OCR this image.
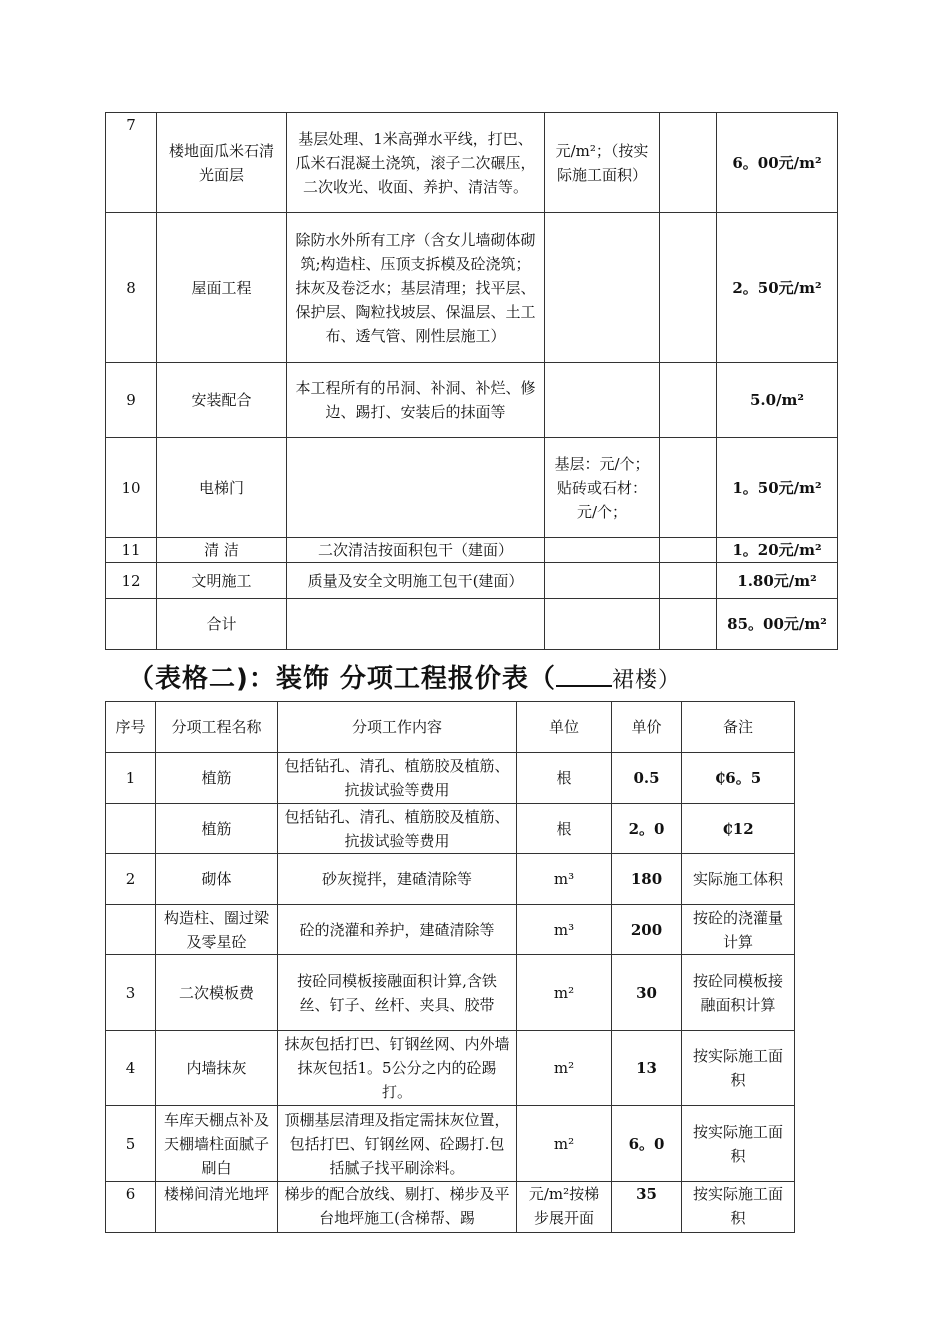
7	楼地面瓜米石清光面层	基层处理、1米高弹水平线，打巴、瓜米石混凝土浇筑，滚子二次碾压，二次收光、收面、养护、清洁等。	元/m²；（按实际施工面积）		6。00元/m²
8	屋面工程	除防水外所有工序（含女儿墙砌体砌筑;构造柱、压顶支拆模及砼浇筑；抹灰及卷泛水；基层清理；找平层、保护层、陶粒找坡层、保温层、土工布、透气管、刚性层施工）			2。50元/m²
9	安装配合	本工程所有的吊洞、补洞、补烂、修边、踢打、安装后的抹面等			5.0/m²
10	电梯门		基层：元/个；贴砖或石材：元/个；		1。50元/m²
11	清 洁	二次清洁按面积包干（建面）			1。20元/m²
12	文明施工	质量及安全文明施工包干(建面）			1.80元/m²
	合计				85。00元/m²
（表格二)：装饰 分项工程报价表（	裙楼）
序号	分项工程名称	分项工作内容	单位	单价	备注
1	植筋	包括钻孔、清孔、植筋胶及植筋、抗拔试验等费用	根	0.5	₵6。5
	植筋	包括钻孔、清孔、植筋胶及植筋、抗拔试验等费用	根	2。0	₵12
2	砌体	砂灰搅拌，建碴清除等	m³	180	实际施工体积
	构造柱、圈过梁及零星砼	砼的浇灌和养护，建碴清除等	m³	200	按砼的浇灌量计算
3	二次模板费	按砼同模板接融面积计算,含铁丝、钉子、丝杆、夹具、胶带	m²	30	按砼同模板接融面积计算
4	内墙抹灰	抹灰包括打巴、钉钢丝网、内外墙抹灰包括1。5公分之内的砼踢打。	m²	13	按实际施工面积
5	车库天棚点补及天棚墙柱面腻子刷白	顶棚基层清理及指定需抹灰位置，包括打巴、钉钢丝网、砼踢打.包括腻子找平刷涂料。	m²	6。0	按实际施工面积
6	楼梯间清光地坪	梯步的配合放线、剔打、梯步及平台地坪施工(含梯帮、踢	元/m²按梯步展开面	35	按实际施工面积
